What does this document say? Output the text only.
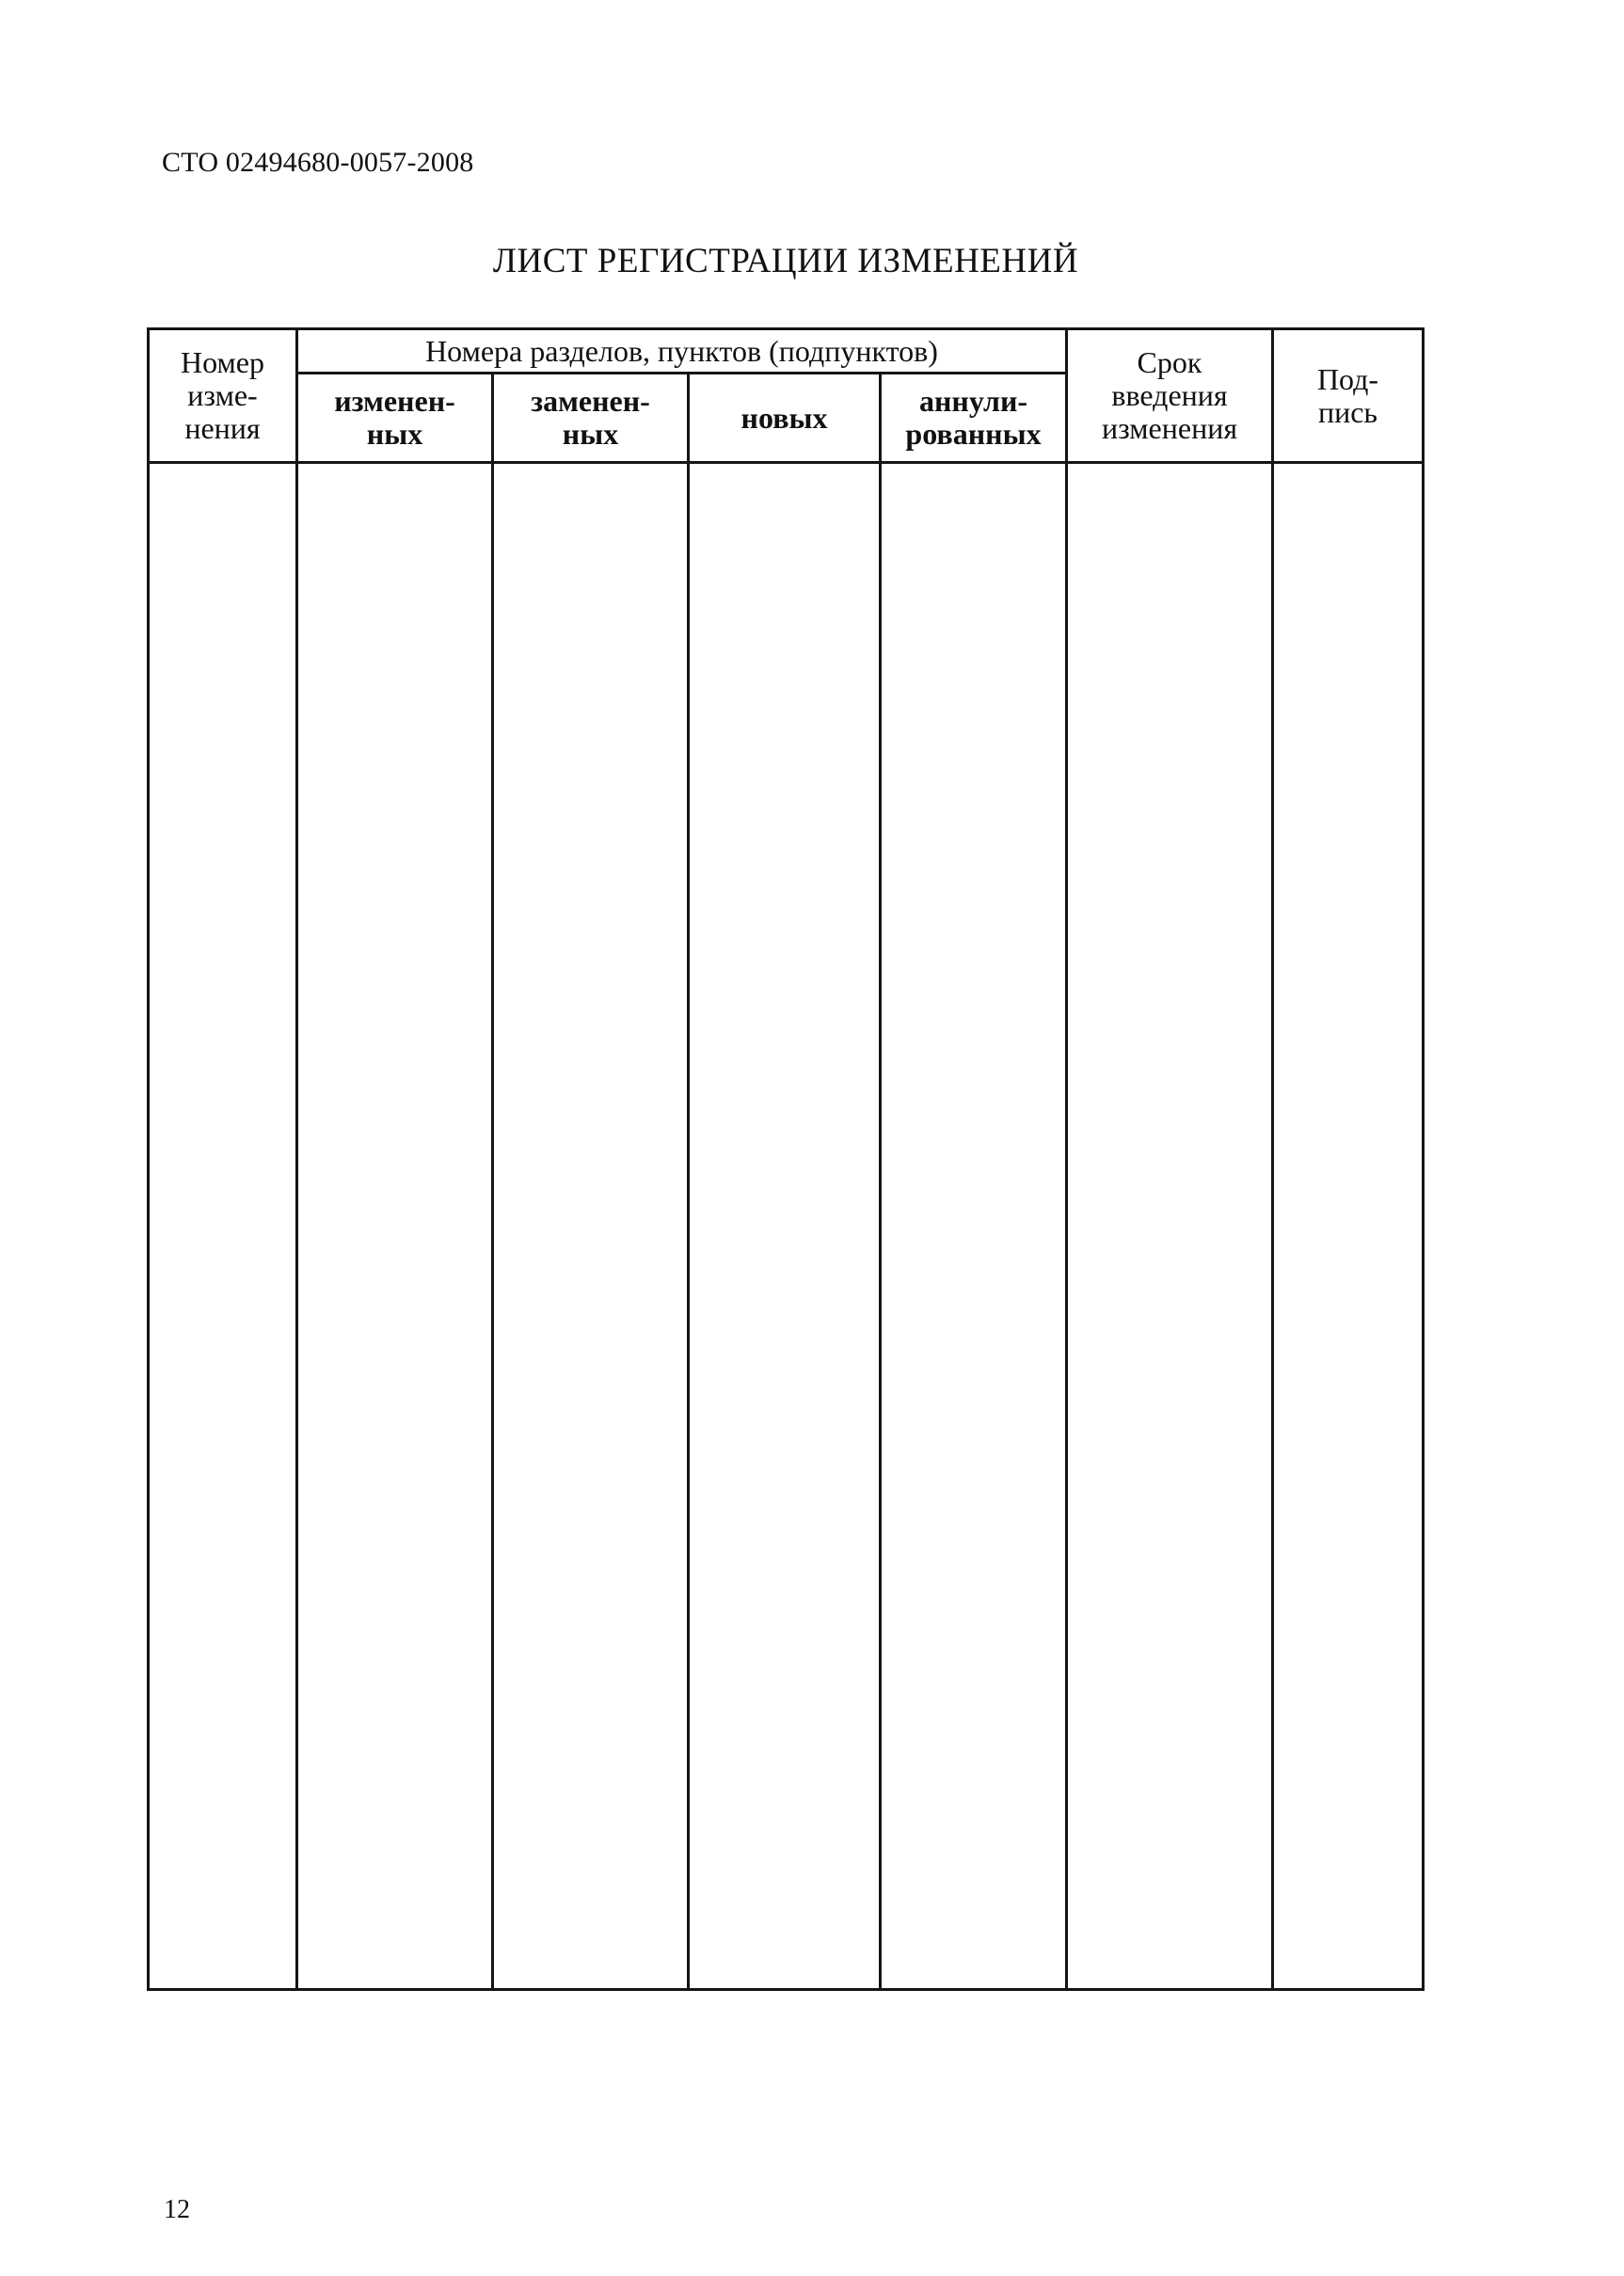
СТО 02494680-0057-2008
ЛИСТ РЕГИСТРАЦИИ ИЗМЕНЕНИЙ
Номер изме- нения	Номера разделов, пунктов (подпунктов)				Срок введения изменения	Под- пись
	изменен- ных	заменен- ных	новых	аннули- рованных		

12
